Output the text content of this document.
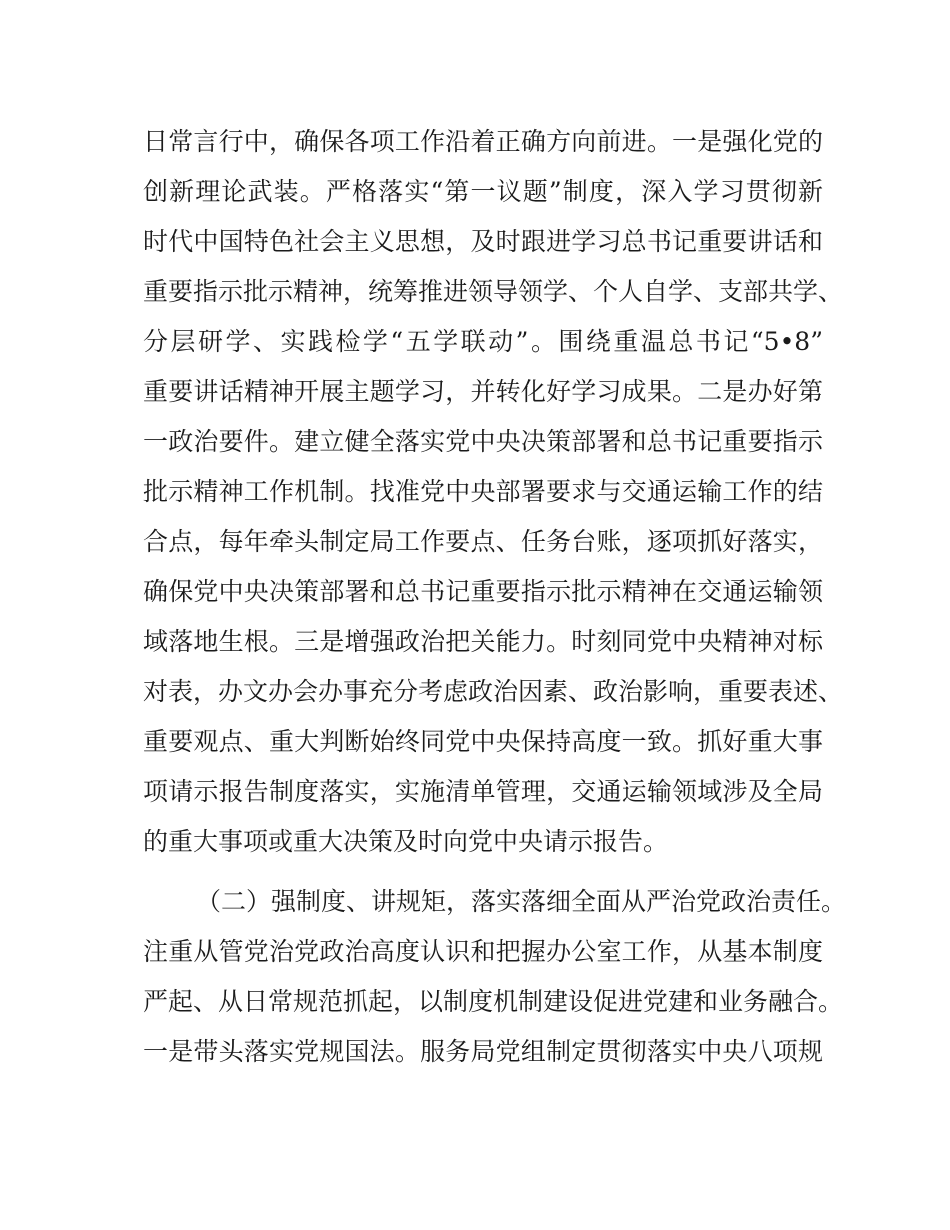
日常言行中，确保各项工作沿着正确方向前进。一是强化党的
创新理论武装。严格落实“第一议题”制度，深入学习贯彻新
时代中国特色社会主义思想，及时跟进学习总书记重要讲话和
重要指示批示精神，统筹推进领导领学、个人自学、支部共学、
分层研学、实践检学“五学联动”。围绕重温总书记“5•8”
重要讲话精神开展主题学习，并转化好学习成果。二是办好第
一政治要件。建立健全落实党中央决策部署和总书记重要指示
批示精神工作机制。找准党中央部署要求与交通运输工作的结
合点，每年牵头制定局工作要点、任务台账，逐项抓好落实，
确保党中央决策部署和总书记重要指示批示精神在交通运输领
域落地生根。三是增强政治把关能力。时刻同党中央精神对标
对表，办文办会办事充分考虑政治因素、政治影响，重要表述、
重要观点、重大判断始终同党中央保持高度一致。抓好重大事
项请示报告制度落实，实施清单管理，交通运输领域涉及全局
的重大事项或重大决策及时向党中央请示报告。
（二）强制度、讲规矩，落实落细全面从严治党政治责任。
注重从管党治党政治高度认识和把握办公室工作，从基本制度
严起、从日常规范抓起，以制度机制建设促进党建和业务融合。
一是带头落实党规国法。服务局党组制定贯彻落实中央八项规
